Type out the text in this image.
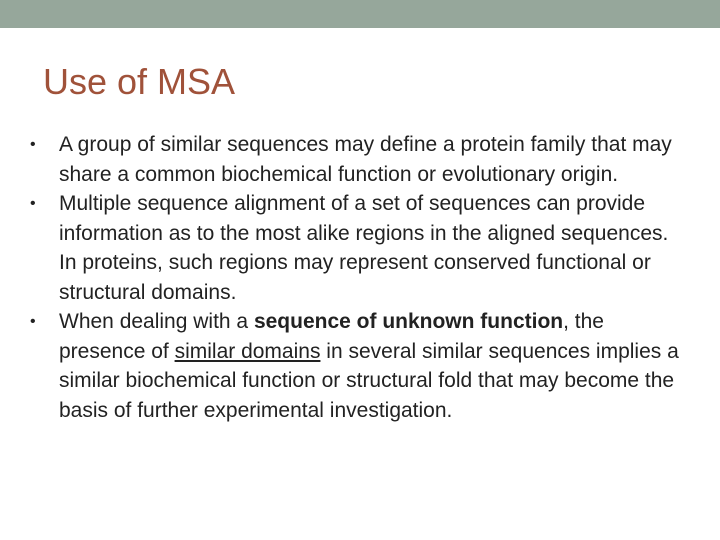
Use of MSA
•	A group of similar sequences may define a protein family that may share a common biochemical function or evolutionary origin.
•	Multiple sequence alignment of a set of sequences can provide information as to the most alike regions in the aligned sequences. In proteins, such regions may represent conserved functional or structural domains.
•	When dealing with a sequence of unknown function, the presence of similar domains in several similar sequences implies a similar biochemical function or structural fold that may become the basis of further experimental investigation.
